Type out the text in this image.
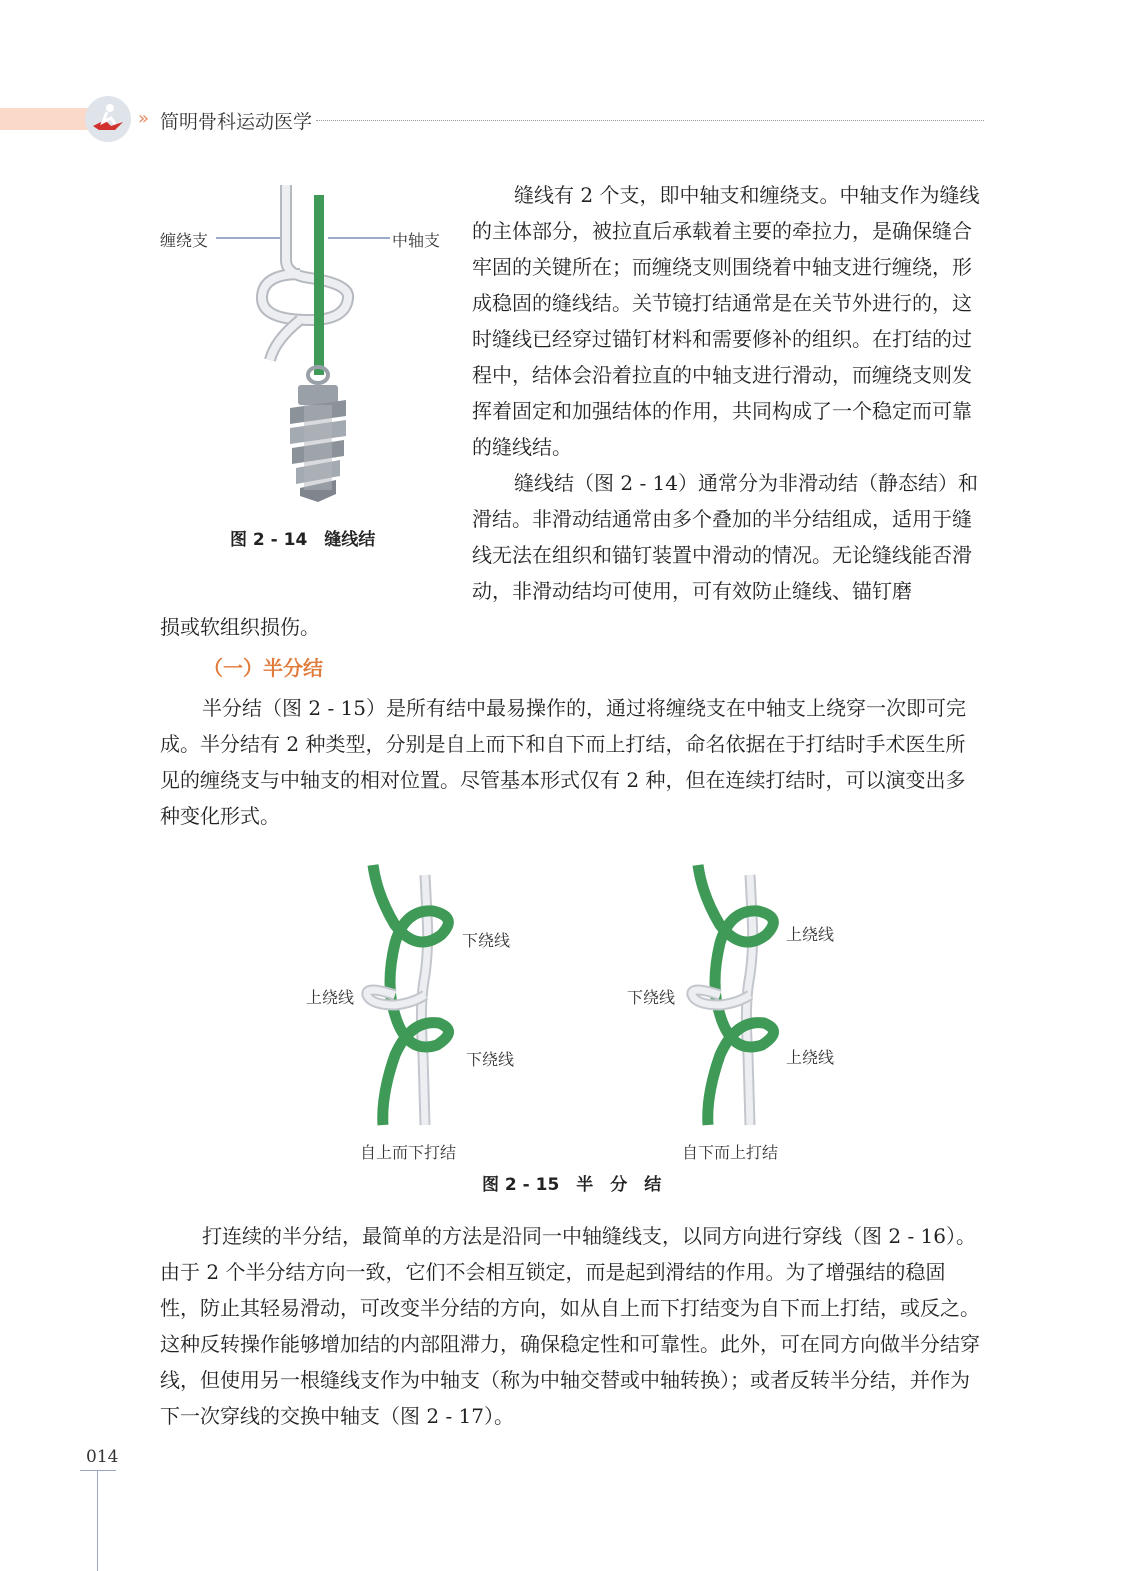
» 简明骨科运动医学
缠绕支	中轴支
图 2 - 14　缝线结

缝线有 2 个支，即中轴支和缠绕支。中轴支作为缝线的主体部分，被拉直后承载着主要的牵拉力，是确保缝合牢固的关键所在；而缠绕支则围绕着中轴支进行缠绕，形成稳固的缝线结。关节镜打结通常是在关节外进行的，这时缝线已经穿过锚钉材料和需要修补的组织。在打结的过程中，结体会沿着拉直的中轴支进行滑动，而缠绕支则发挥着固定和加强结体的作用，共同构成了一个稳定而可靠的缝线结。

缝线结（图 2 - 14）通常分为非滑动结（静态结）和滑结。非滑动结通常由多个叠加的半分结组成，适用于缝线无法在组织和锚钉装置中滑动的情况。无论缝线能否滑动，非滑动结均可使用，可有效防止缝线、锚钉磨

损或软组织损伤。

（一）半分结

半分结（图 2 - 15）是所有结中最易操作的，通过将缠绕支在中轴支上绕穿一次即可完成。半分结有 2 种类型，分别是自上而下和自下而上打结，命名依据在于打结时手术医生所见的缠绕支与中轴支的相对位置。尽管基本形式仅有 2 种，但在连续打结时，可以演变出多种变化形式。

下绕线
上绕线
下绕线
自上而下打结
上绕线
下绕线
上绕线
自下而上打结
图 2 - 15　半　分　结

打连续的半分结，最简单的方法是沿同一中轴缝线支，以同方向进行穿线（图 2 - 16）。由于 2 个半分结方向一致，它们不会相互锁定，而是起到滑结的作用。为了增强结的稳固性，防止其轻易滑动，可改变半分结的方向，如从自上而下打结变为自下而上打结，或反之。这种反转操作能够增加结的内部阻滞力，确保稳定性和可靠性。此外，可在同方向做半分结穿线，但使用另一根缝线支作为中轴支（称为中轴交替或中轴转换）；或者反转半分结，并作为下一次穿线的交换中轴支（图 2 - 17）。

014
